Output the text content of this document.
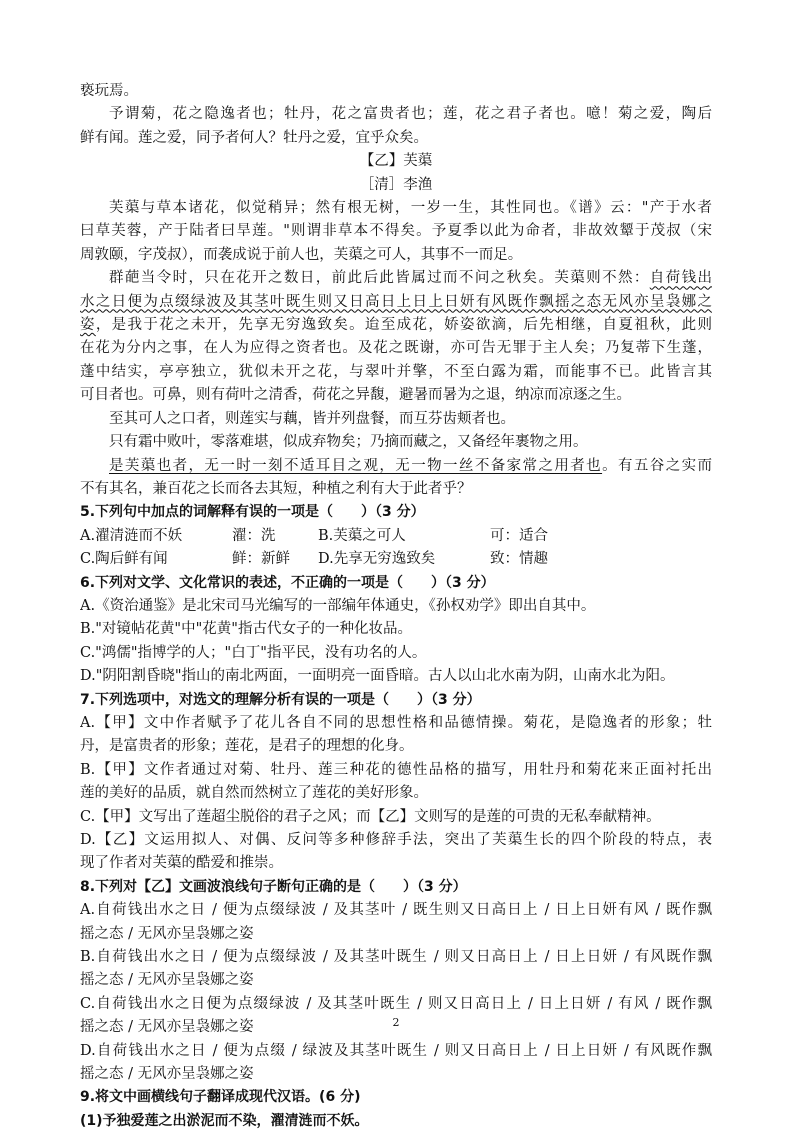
亵玩焉。
予谓菊，花之隐逸者也；牡丹，花之富贵者也；莲，花之君子者也。噫！菊之爱，陶后
鲜有闻。莲之爱，同予者何人？牡丹之爱，宜乎众矣。
【乙】芙蕖
［清］李渔
芙蕖与草本诸花，似觉稍异；然有根无树，一岁一生，其性同也。《谱》云："产于水者
曰草芙蓉，产于陆者曰旱莲。"则谓非草本不得矣。予夏季以此为命者，非故效颦于茂叔（宋
周敦颐，字茂叔），而袭成说于前人也，芙蕖之可人，其事不一而足。
群葩当令时，只在花开之数日，前此后此皆属过而不问之秋矣。芙蕖则不然：自荷钱出
水之日便为点缀绿波及其茎叶既生则又日高日上日上日妍有风既作飘摇之态无风亦呈袅娜之
姿，是我于花之未开，先享无穷逸致矣。迨至成花，娇姿欲滴，后先相继，自夏祖秋，此则
在花为分内之事，在人为应得之资者也。及花之既谢，亦可告无罪于主人矣；乃复蒂下生蓬，
蓬中结实，亭亭独立，犹似未开之花，与翠叶并擎，不至白露为霜，而能事不已。此皆言其
可目者也。可鼻，则有荷叶之清香，荷花之异馥，避暑而暑为之退，纳凉而凉逐之生。
至其可人之口者，则莲实与藕，皆并列盘餐，而互芬齿颊者也。
只有霜中败叶，零落难堪，似成弃物矣；乃摘而藏之，又备经年裹物之用。
是芙蕖也者，无一时一刻不适耳目之观，无一物一丝不备家常之用者也。有五谷之实而
不有其名，兼百花之长而各去其短，种植之利有大于此者乎？
5.下列句中加点的词解释有误的一项是（　　）（3 分）
A.濯清涟而不妖	濯：洗	B.芙蕖之可人	可：适合
C.陶后鲜有闻	鲜：新鲜	D.先享无穷逸致矣	致：情趣
6.下列对文学、文化常识的表述，不正确的一项是（　　）（3 分）
A.《资治通鉴》是北宋司马光编写的一部编年体通史，《孙权劝学》即出自其中。
B."对镜帖花黄"中"花黄"指古代女子的一种化妆品。
C."鸿儒"指博学的人；"白丁"指平民，没有功名的人。
D."阴阳割昏晓"指山的南北两面，一面明亮一面昏暗。古人以山北水南为阴，山南水北为阳。
7.下列选项中，对选文的理解分析有误的一项是（　　）（3 分）
A.【甲】文中作者赋予了花儿各自不同的思想性格和品德情操。菊花，是隐逸者的形象；牡
丹，是富贵者的形象；莲花，是君子的理想的化身。
B.【甲】文作者通过对菊、牡丹、莲三种花的德性品格的描写，用牡丹和菊花来正面衬托出
莲的美好的品质，就自然而然树立了莲花的美好形象。
C.【甲】文写出了莲超尘脱俗的君子之风；而【乙】文则写的是莲的可贵的无私奉献精神。
D.【乙】文运用拟人、对偶、反问等多种修辞手法，突出了芙蕖生长的四个阶段的特点，表
现了作者对芙蕖的酷爱和推崇。
8.下列对【乙】文画波浪线句子断句正确的是（　　）（3 分）
A.自荷钱出水之日 / 便为点缀绿波 / 及其茎叶 / 既生则又日高日上 / 日上日妍有风 / 既作飘
摇之态 / 无风亦呈袅娜之姿
B.自荷钱出水之日 / 便为点缀绿波 / 及其茎叶既生 / 则又日高日上 / 日上日妍 / 有风既作飘
摇之态 / 无风亦呈袅娜之姿
C.自荷钱出水之日便为点缀绿波 / 及其茎叶既生 / 则又日高日上 / 日上日妍 / 有风 / 既作飘
摇之态 / 无风亦呈袅娜之姿
D.自荷钱出水之日 / 便为点缀 / 绿波及其茎叶既生 / 则又日高日上 / 日上日妍 / 有风既作飘
摇之态 / 无风亦呈袅娜之姿
9.将文中画横线句子翻译成现代汉语。(6 分)
(1)予独爱莲之出淤泥而不染，濯清涟而不妖。
2
